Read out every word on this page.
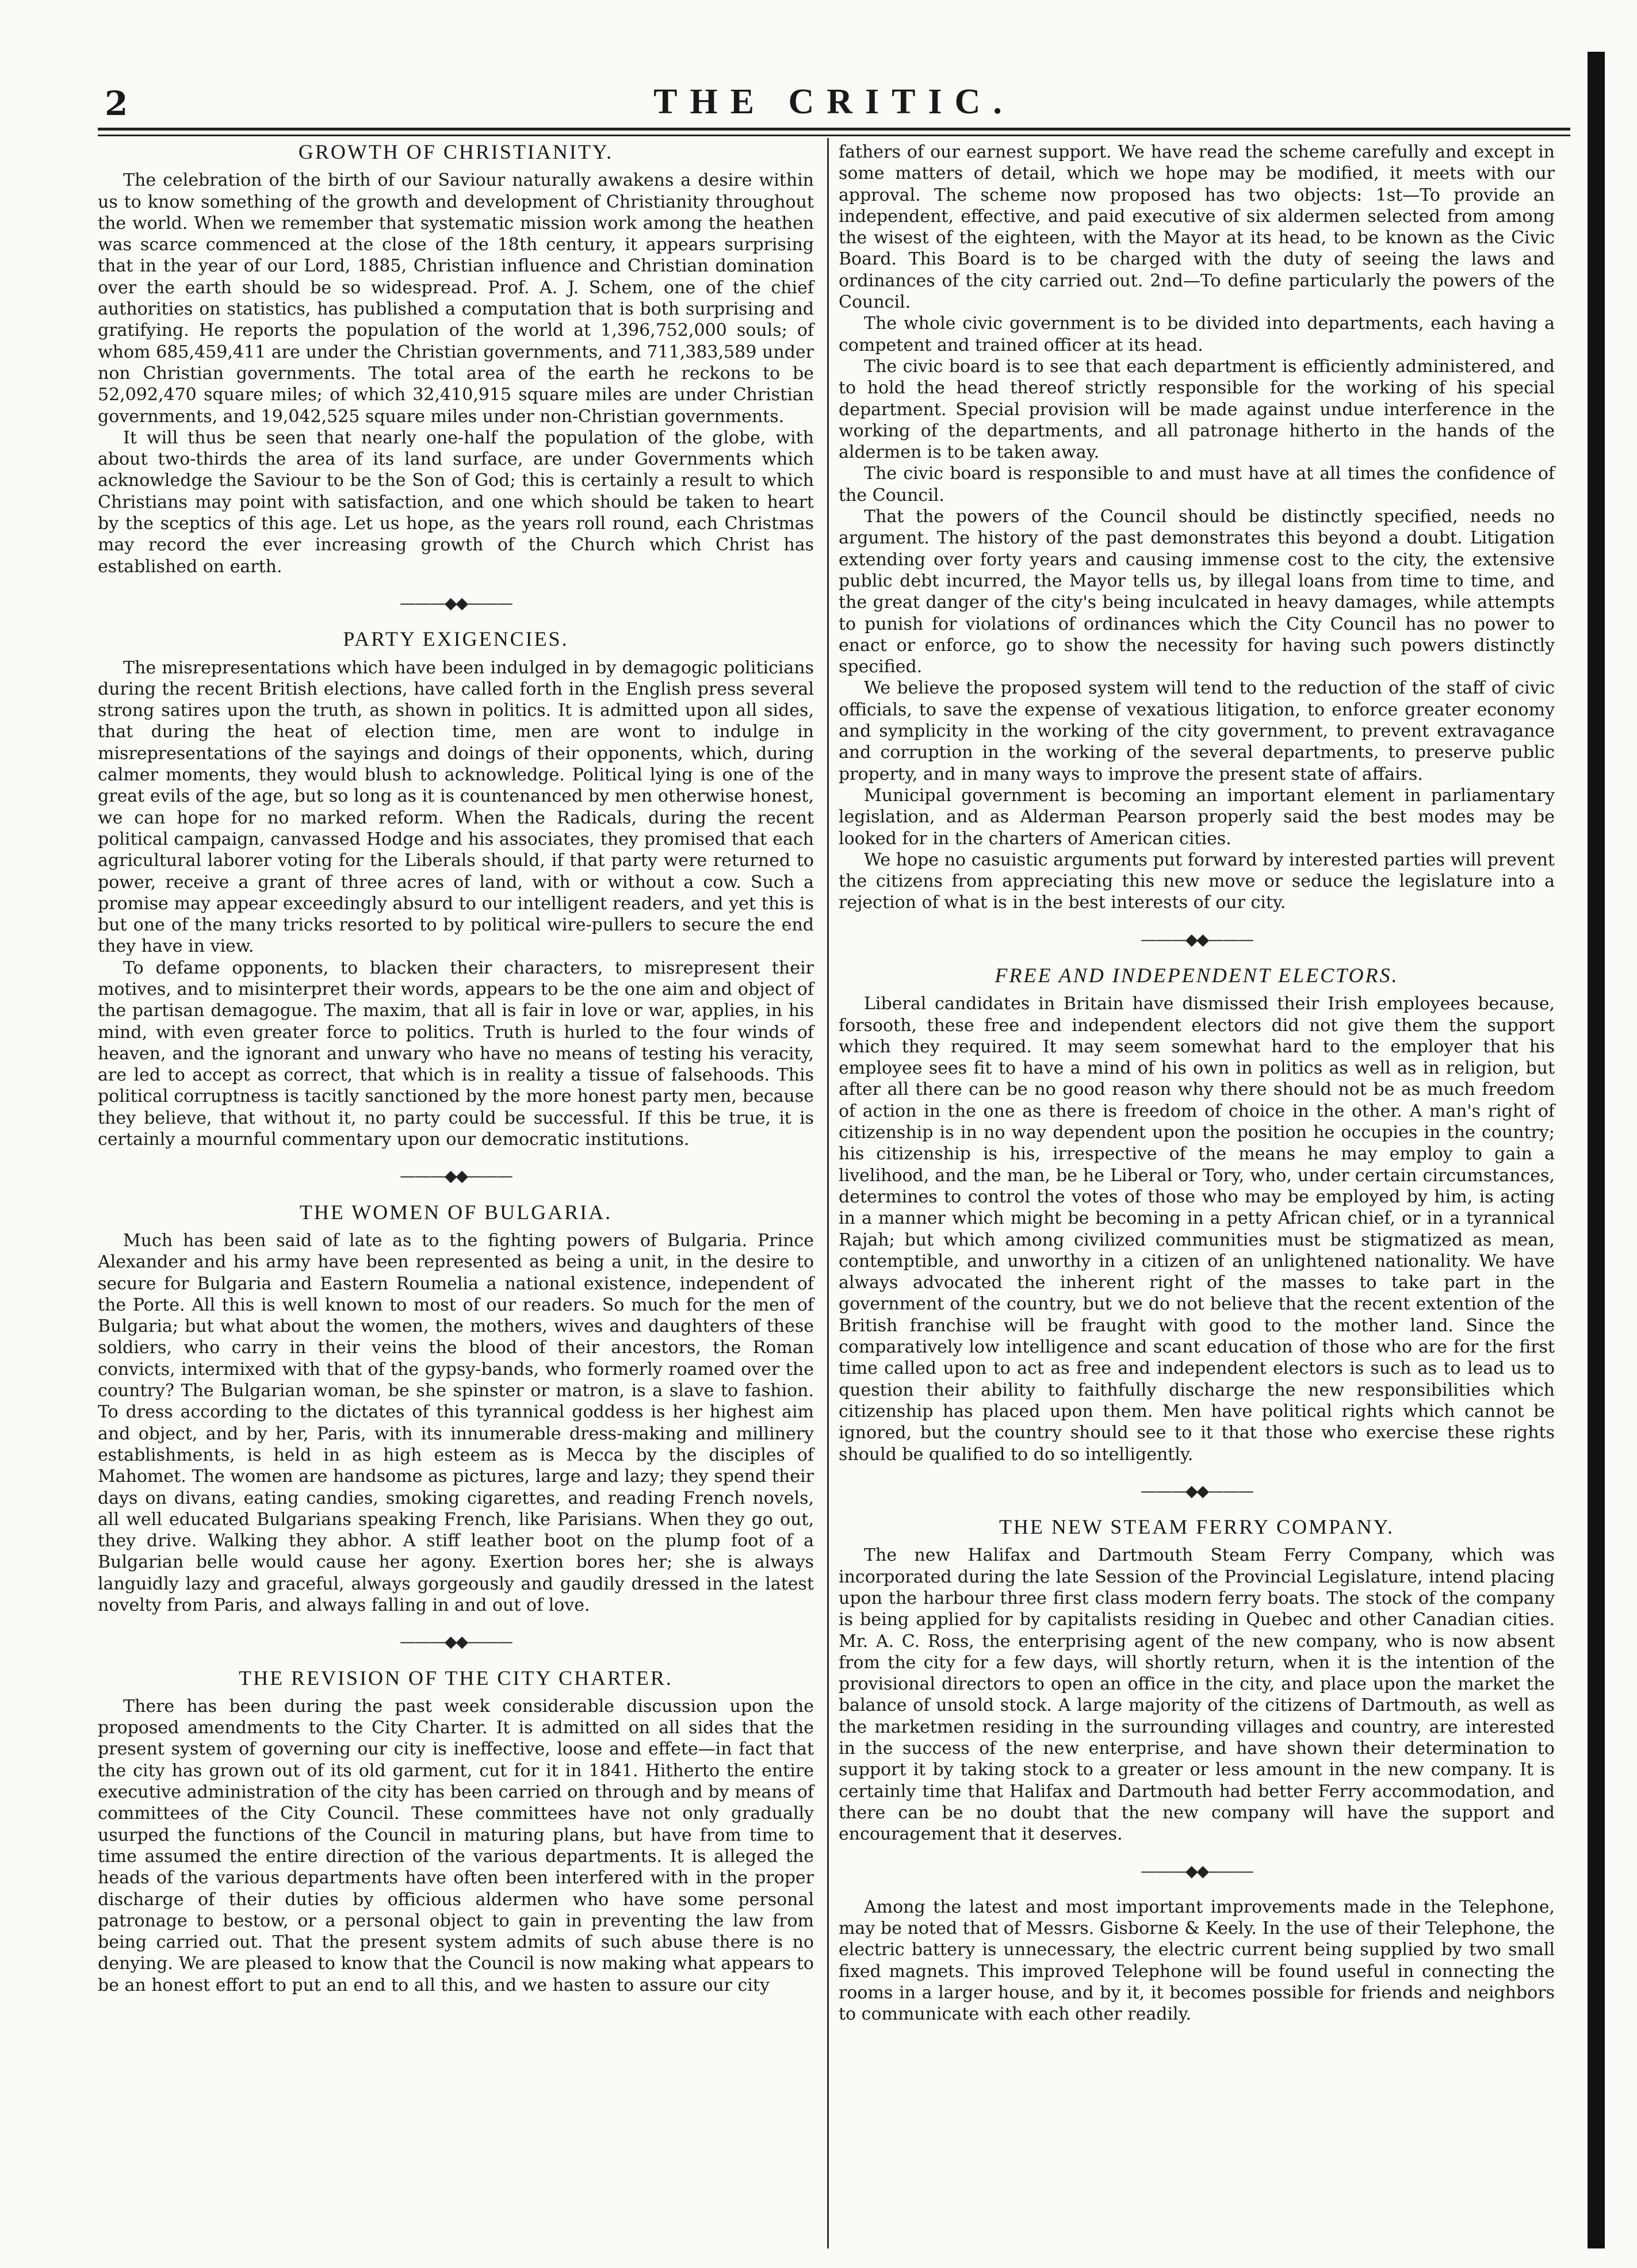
2	THE CRITIC.
GROWTH OF CHRISTIANITY.

The celebration of the birth of our Saviour naturally awakens a desire within us to know something of the growth and development of Christianity throughout the world. When we remember that systematic mission work among the heathen was scarce commenced at the close of the 18th century, it appears surprising that in the year of our Lord, 1885, Christian influence and Christian domination over the earth should be so widespread. Prof. A. J. Schem, one of the chief authorities on statistics, has published a computation that is both surprising and gratifying. He reports the population of the world at 1,396,752,000 souls; of whom 685,459,411 are under the Christian governments, and 711,383,589 under non Christian governments. The total area of the earth he reckons to be 52,092,470 square miles; of which 32,410,915 square miles are under Christian governments, and 19,042,525 square miles under non-Christian governments.

It will thus be seen that nearly one-half the population of the globe, with about two-thirds the area of its land surface, are under Governments which acknowledge the Saviour to be the Son of God; this is certainly a result to which Christians may point with satisfaction, and one which should be taken to heart by the sceptics of this age. Let us hope, as the years roll round, each Christmas may record the ever increasing growth of the Church which Christ has established on earth.

———◆◆———
PARTY EXIGENCIES.

The misrepresentations which have been indulged in by demagogic politicians during the recent British elections, have called forth in the English press several strong satires upon the truth, as shown in politics. It is admitted upon all sides, that during the heat of election time, men are wont to indulge in misrepresentations of the sayings and doings of their opponents, which, during calmer moments, they would blush to acknowledge. Political lying is one of the great evils of the age, but so long as it is countenanced by men otherwise honest, we can hope for no marked reform. When the Radicals, during the recent political campaign, canvassed Hodge and his associates, they promised that each agricultural laborer voting for the Liberals should, if that party were returned to power, receive a grant of three acres of land, with or without a cow. Such a promise may appear exceedingly absurd to our intelligent readers, and yet this is but one of the many tricks resorted to by political wire-pullers to secure the end they have in view.

To defame opponents, to blacken their characters, to misrepresent their motives, and to misinterpret their words, appears to be the one aim and object of the partisan demagogue. The maxim, that all is fair in love or war, applies, in his mind, with even greater force to politics. Truth is hurled to the four winds of heaven, and the ignorant and unwary who have no means of testing his veracity, are led to accept as correct, that which is in reality a tissue of falsehoods. This political corruptness is tacitly sanctioned by the more honest party men, because they believe, that without it, no party could be successful. If this be true, it is certainly a mournful commentary upon our democratic institutions.

———◆◆———
THE WOMEN OF BULGARIA.

Much has been said of late as to the fighting powers of Bulgaria. Prince Alexander and his army have been represented as being a unit, in the desire to secure for Bulgaria and Eastern Roumelia a national existence, independent of the Porte. All this is well known to most of our readers. So much for the men of Bulgaria; but what about the women, the mothers, wives and daughters of these soldiers, who carry in their veins the blood of their ancestors, the Roman convicts, intermixed with that of the gypsy-bands, who formerly roamed over the country? The Bulgarian woman, be she spinster or matron, is a slave to fashion. To dress according to the dictates of this tyrannical goddess is her highest aim and object, and by her, Paris, with its innumerable dress-making and millinery establishments, is held in as high esteem as is Mecca by the disciples of Mahomet. The women are handsome as pictures, large and lazy; they spend their days on divans, eating candies, smoking cigarettes, and reading French novels, all well educated Bulgarians speaking French, like Parisians. When they go out, they drive. Walking they abhor. A stiff leather boot on the plump foot of a Bulgarian belle would cause her agony. Exertion bores her; she is always languidly lazy and graceful, always gorgeously and gaudily dressed in the latest novelty from Paris, and always falling in and out of love.

———◆◆———
THE REVISION OF THE CITY CHARTER.

There has been during the past week considerable discussion upon the proposed amendments to the City Charter. It is admitted on all sides that the present system of governing our city is ineffective, loose and effete—in fact that the city has grown out of its old garment, cut for it in 1841. Hitherto the entire executive administration of the city has been carried on through and by means of committees of the City Council. These committees have not only gradually usurped the functions of the Council in maturing plans, but have from time to time assumed the entire direction of the various departments. It is alleged the heads of the various departments have often been interfered with in the proper discharge of their duties by officious aldermen who have some personal patronage to bestow, or a personal object to gain in preventing the law from being carried out. That the present system admits of such abuse there is no denying. We are pleased to know that the Council is now making what appears to be an honest effort to put an end to all this, and we hasten to assure our city

fathers of our earnest support. We have read the scheme carefully and except in some matters of detail, which we hope may be modified, it meets with our approval. The scheme now proposed has two objects: 1st—To provide an independent, effective, and paid executive of six aldermen selected from among the wisest of the eighteen, with the Mayor at its head, to be known as the Civic Board. This Board is to be charged with the duty of seeing the laws and ordinances of the city carried out. 2nd—To define particularly the powers of the Council.

The whole civic government is to be divided into departments, each having a competent and trained officer at its head.

The civic board is to see that each department is efficiently administered, and to hold the head thereof strictly responsible for the working of his special department. Special provision will be made against undue interference in the working of the departments, and all patronage hitherto in the hands of the aldermen is to be taken away.

The civic board is responsible to and must have at all times the confidence of the Council.

That the powers of the Council should be distinctly specified, needs no argument. The history of the past demonstrates this beyond a doubt. Litigation extending over forty years and causing immense cost to the city, the extensive public debt incurred, the Mayor tells us, by illegal loans from time to time, and the great danger of the city's being inculcated in heavy damages, while attempts to punish for violations of ordinances which the City Council has no power to enact or enforce, go to show the necessity for having such powers distinctly specified.

We believe the proposed system will tend to the reduction of the staff of civic officials, to save the expense of vexatious litigation, to enforce greater economy and symplicity in the working of the city government, to prevent extravagance and corruption in the working of the several departments, to preserve public property, and in many ways to improve the present state of affairs.

Municipal government is becoming an important element in parliamentary legislation, and as Alderman Pearson properly said the best modes may be looked for in the charters of American cities.

We hope no casuistic arguments put forward by interested parties will prevent the citizens from appreciating this new move or seduce the legislature into a rejection of what is in the best interests of our city.

———◆◆———
FREE AND INDEPENDENT ELECTORS.

Liberal candidates in Britain have dismissed their Irish employees because, forsooth, these free and independent electors did not give them the support which they required. It may seem somewhat hard to the employer that his employee sees fit to have a mind of his own in politics as well as in religion, but after all there can be no good reason why there should not be as much freedom of action in the one as there is freedom of choice in the other. A man's right of citizenship is in no way dependent upon the position he occupies in the country; his citizenship is his, irrespective of the means he may employ to gain a livelihood, and the man, be he Liberal or Tory, who, under certain circumstances, determines to control the votes of those who may be employed by him, is acting in a manner which might be becoming in a petty African chief, or in a tyrannical Rajah; but which among civilized communities must be stigmatized as mean, contemptible, and unworthy in a citizen of an unlightened nationality. We have always advocated the inherent right of the masses to take part in the government of the country, but we do not believe that the recent extention of the British franchise will be fraught with good to the mother land. Since the comparatively low intelligence and scant education of those who are for the first time called upon to act as free and independent electors is such as to lead us to question their ability to faithfully discharge the new responsibilities which citizenship has placed upon them. Men have political rights which cannot be ignored, but the country should see to it that those who exercise these rights should be qualified to do so intelligently.

———◆◆———
THE NEW STEAM FERRY COMPANY.

The new Halifax and Dartmouth Steam Ferry Company, which was incorporated during the late Session of the Provincial Legislature, intend placing upon the harbour three first class modern ferry boats. The stock of the company is being applied for by capitalists residing in Quebec and other Canadian cities. Mr. A. C. Ross, the enterprising agent of the new company, who is now absent from the city for a few days, will shortly return, when it is the intention of the provisional directors to open an office in the city, and place upon the market the balance of unsold stock. A large majority of the citizens of Dartmouth, as well as the marketmen residing in the surrounding villages and country, are interested in the success of the new enterprise, and have shown their determination to support it by taking stock to a greater or less amount in the new company. It is certainly time that Halifax and Dartmouth had better Ferry accommodation, and there can be no doubt that the new company will have the support and encouragement that it deserves.

———◆◆———

Among the latest and most important improvements made in the Telephone, may be noted that of Messrs. Gisborne & Keely. In the use of their Telephone, the electric battery is unnecessary, the electric current being supplied by two small fixed magnets. This improved Telephone will be found useful in connecting the rooms in a larger house, and by it, it becomes possible for friends and neighbors to communicate with each other readily.
